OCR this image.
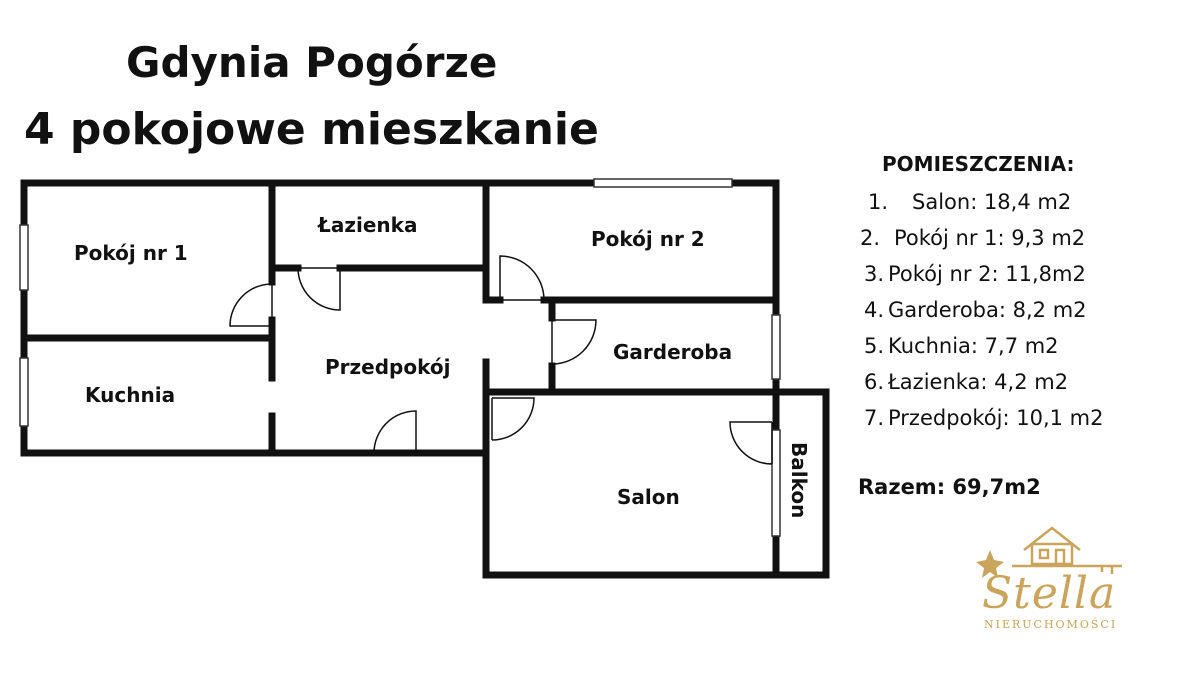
Gdynia Pogórze
4 pokojowe mieszkanie
Pokój nr 1
Łazienka
Pokój nr 2
Garderoba
Przedpokój
Kuchnia
Salon	Balkon
POMIESZCZENIA:
1. Salon: 18,4 m2
2. Pokój nr 1: 9,3 m2
3. Pokój nr 2: 11,8m2
4. Garderoba: 8,2 m2
5. Kuchnia: 7,7 m2
6. Łazienka: 4,2 m2
7. Przedpokój: 10,1 m2
Razem: 69,7m2
Stella
NIERUCHOMOŚCI
